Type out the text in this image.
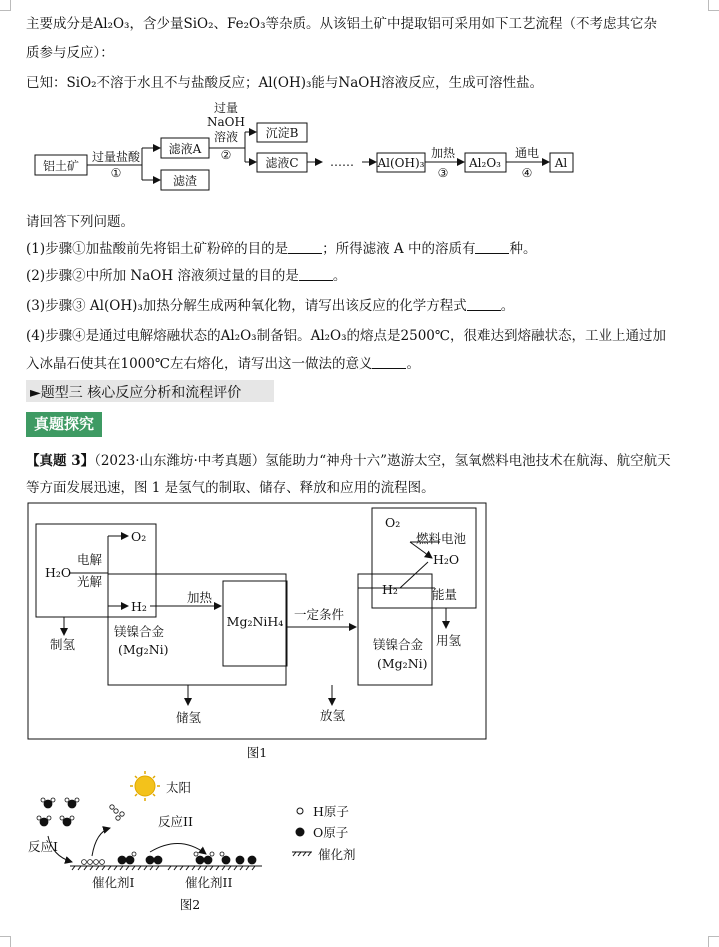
主要成分是Al₂O₃，含少量SiO₂、Fe₂O₃等杂质。从该铝土矿中提取铝可采用如下工艺流程（不考虑其它杂
质参与反应）：
已知：SiO₂不溶于水且不与盐酸反应；Al(OH)₃能与NaOH溶液反应，生成可溶性盐。
铝土矿
过量盐酸
①
滤液A
滤渣
过量
NaOH
溶液
②
沉淀B
滤液C	…… Al(OH)₃
加热
③
Al₂O₃
通电
④
Al
请回答下列问题。
(1)步骤①加盐酸前先将铝土矿粉碎的目的是	；所得滤液 A 中的溶质有	种。
(2)步骤②中所加 NaOH 溶液须过量的目的是	。
(3)步骤③ Al(OH)₃加热分解生成两种氧化物，请写出该反应的化学方程式	。
(4)步骤④是通过电解熔融状态的Al₂O₃制备铝。Al₂O₃的熔点是2500℃，很难达到熔融状态，工业上通过加
入冰晶石使其在1000℃左右熔化，请写出这一做法的意义	。
►题型三 核心反应分析和流程评价
真题探究
【真题 3】（2023·山东潍坊·中考真题）氢能助力“神舟十六”遨游太空，氢氧燃料电池技术在航海、航空航天
等方面发展迅速，图 1 是氢气的制取、储存、释放和应用的流程图。
H₂O
电解
光解
O₂
H₂
加热
镁镍合金
(Mg₂Ni)
Mg₂NiH₄ 一定条件
镁镍合金
(Mg₂Ni)
O₂
燃料电池
H₂O
H₂	能量
用氢
制氢
储氢	放氢
图1
太阳
反应I
反应II
H原子
O原子
催化剂
催化剂I	催化剂II
图2
